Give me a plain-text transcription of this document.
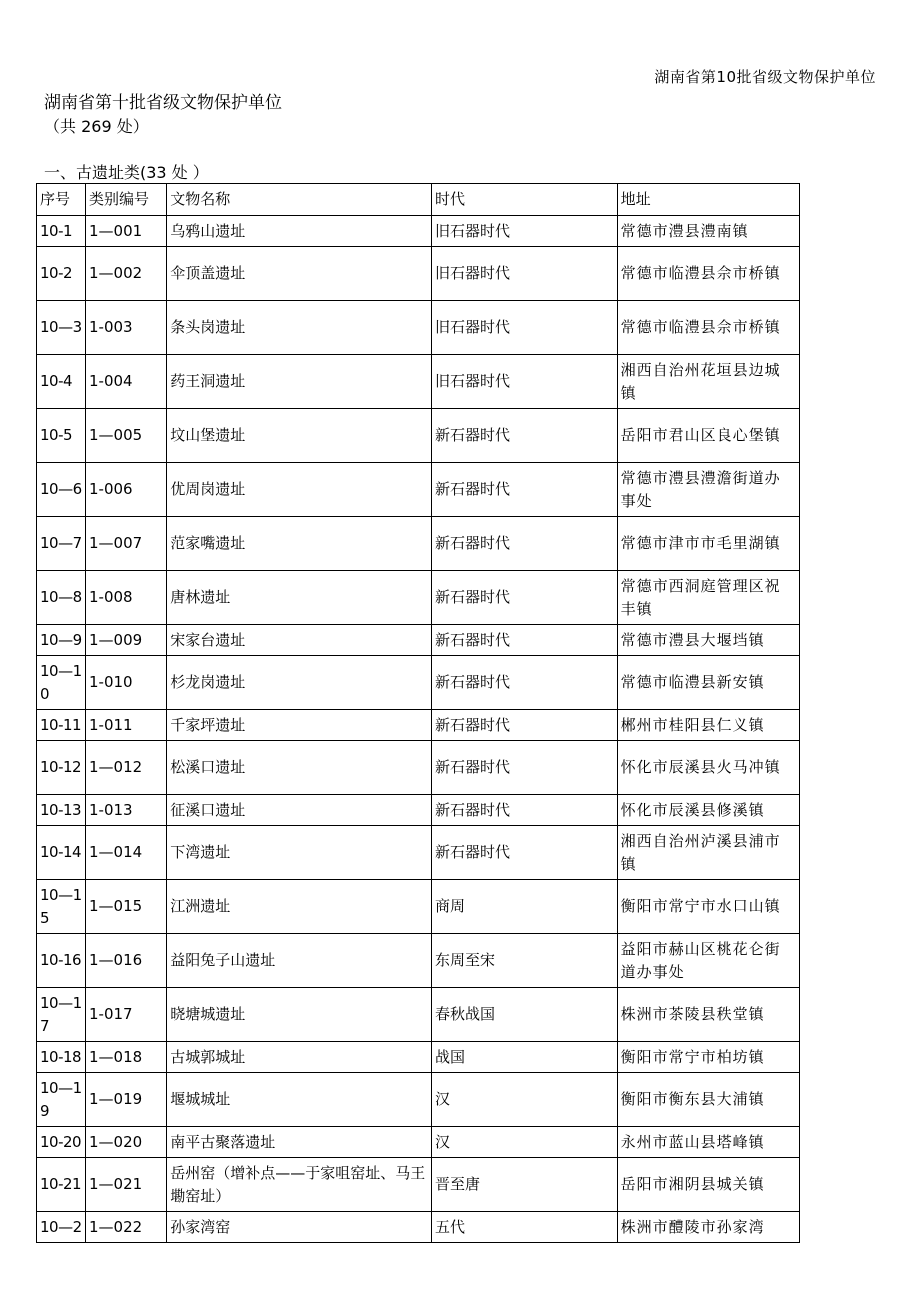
湖南省第10批省级文物保护单位
湖南省第十批省级文物保护单位
（共 269 处）
一、古遗址类(33 处 ）
序号	类别编号	文物名称	时代	地址
10-1	1—001	乌鸦山遗址	旧石器时代	常德市澧县澧南镇
10-2	1—002	伞顶盖遗址	旧石器时代	常德市临澧县佘市桥镇
10—3	1-003	条头岗遗址	旧石器时代	常德市临澧县佘市桥镇
10-4	1-004	药王洞遗址	旧石器时代	湘西自治州花垣县边城镇
10-5	1—005	坟山堡遗址	新石器时代	岳阳市君山区良心堡镇
10—6	1-006	优周岗遗址	新石器时代	常德市澧县澧澹街道办事处
10—7	1—007	范家嘴遗址	新石器时代	常德市津市市毛里湖镇
10—8	1-008	唐林遗址	新石器时代	常德市西洞庭管理区祝丰镇
10—9	1—009	宋家台遗址	新石器时代	常德市澧县大堰垱镇
10—10	1-010	杉龙岗遗址	新石器时代	常德市临澧县新安镇
10-11	1-011	千家坪遗址	新石器时代	郴州市桂阳县仁义镇
10-12	1—012	松溪口遗址	新石器时代	怀化市辰溪县火马冲镇
10-13	1-013	征溪口遗址	新石器时代	怀化市辰溪县修溪镇
10-14	1—014	下湾遗址	新石器时代	湘西自治州泸溪县浦市镇
10—15	1—015	江洲遗址	商周	衡阳市常宁市水口山镇
10-16	1—016	益阳兔子山遗址	东周至宋	益阳市赫山区桃花仑街道办事处
10—17	1-017	晓塘城遗址	春秋战国	株洲市茶陵县秩堂镇
10-18	1—018	古城郭城址	战国	衡阳市常宁市柏坊镇
10—19	1—019	堰城城址	汉	衡阳市衡东县大浦镇
10-20	1—020	南平古聚落遗址	汉	永州市蓝山县塔峰镇
10-21	1—021	岳州窑（增补点——于家咀窑址、马王墈窑址）	晋至唐	岳阳市湘阴县城关镇
10—2	1—022	孙家湾窑	五代	株洲市醴陵市孙家湾
